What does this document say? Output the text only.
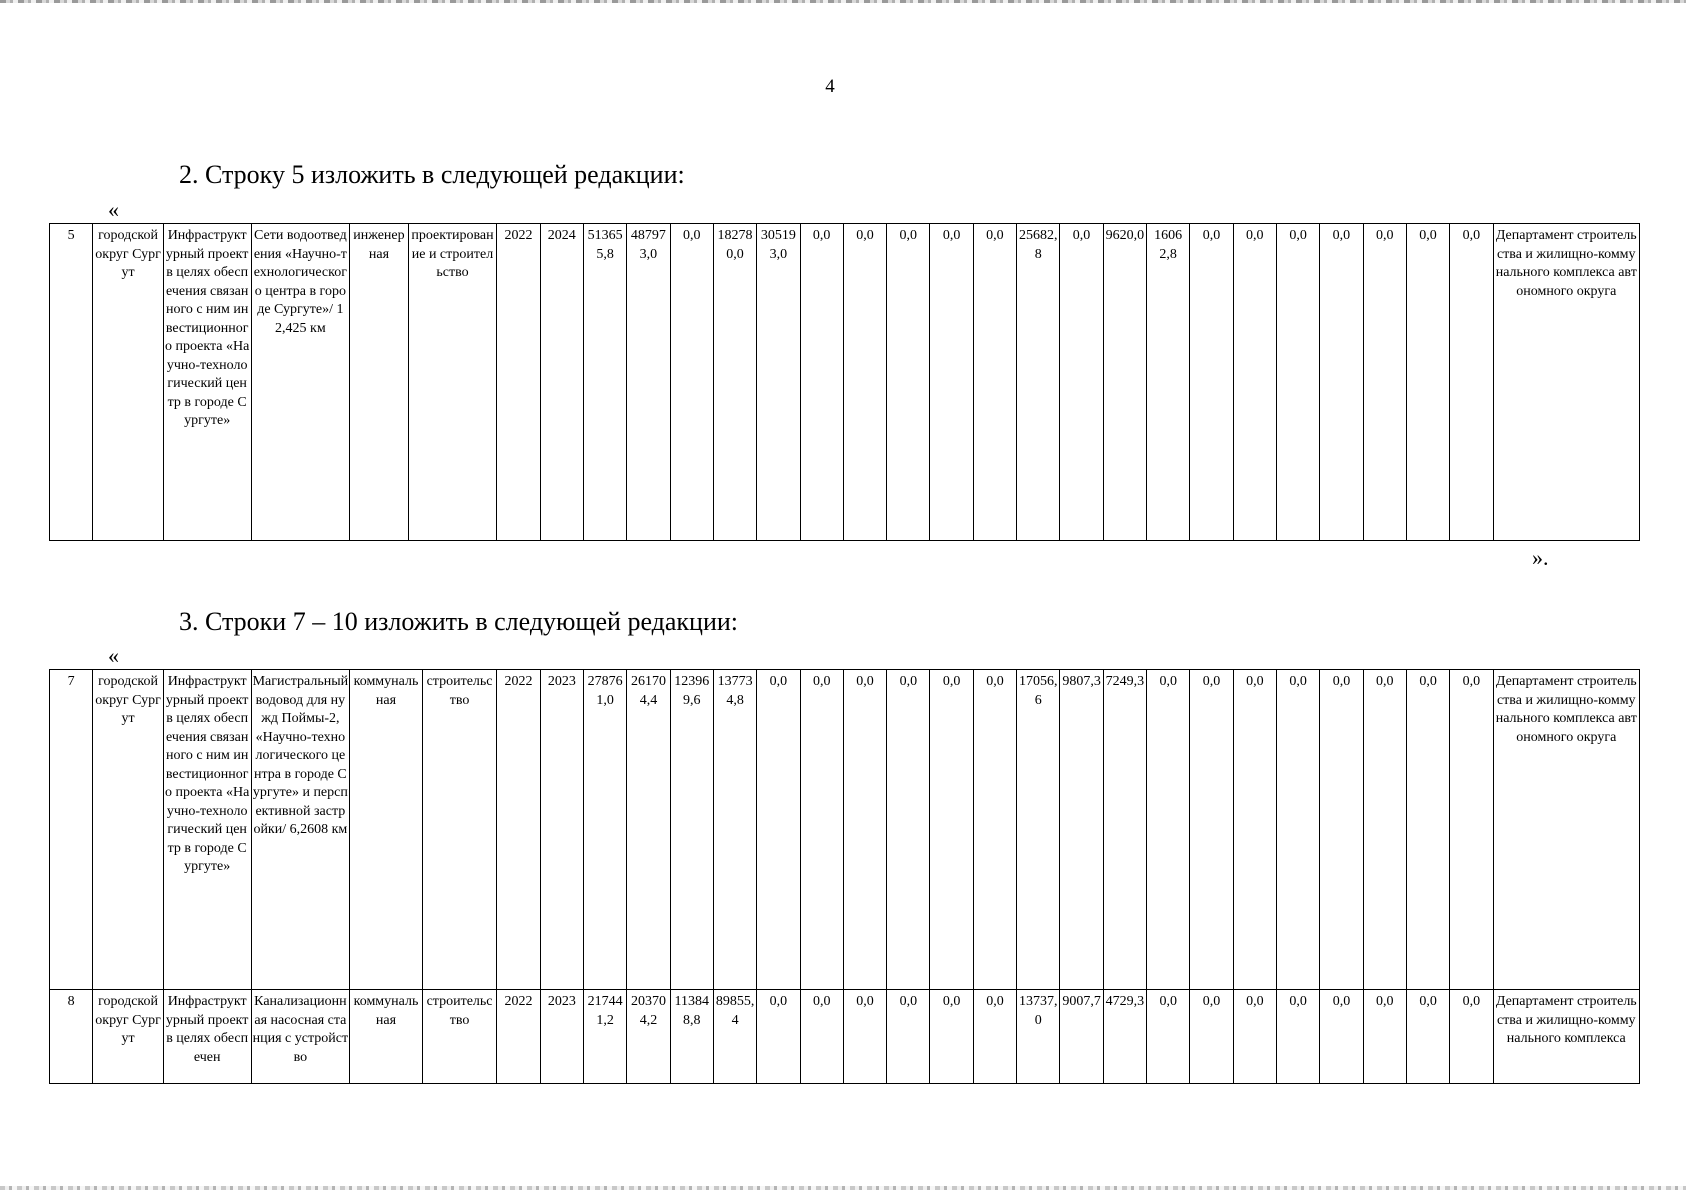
4
2. Строку 5 изложить в следующей редакции:
«
5	городской округ Сургут	Инфраструктурный проект в целях обеспечения связанного с ним инвестиционного проекта «Научно-технологический центр в городе Сургуте»	Сети водоотведения «Научно-технологического центра в городе Сургуте»/ 12,425 км	инженерная	проектирование и строительство	2022	2024	513655,8	487973,0	0,0	182780,0	305193,0	0,0	0,0	0,0	0,0	0,0	25682,8	0,0	9620,0	1606 2,8	0,0	0,0	0,0	0,0	0,0	0,0	0,0	Департамент строительства и жилищно-коммунального комплекса автономного округа
».
3. Строки 7 – 10 изложить в следующей редакции:
«
7	городской округ Сургут	Инфраструктурный проект в целях обеспечения связанного с ним инвестиционного проекта «Научно-технологический центр в городе Сургуте»	Магистральный водовод для нужд Поймы-2, «Научно-технологического центра в городе Сургуте» и перспективной застройки/ 6,2608 км	коммунальная	строительство	2022	2023	278761,0	261704,4	123969,6	137734,8	0,0	0,0	0,0	0,0	0,0	0,0	17056,6	9807,3	7249,3	0,0	0,0	0,0	0,0	0,0	0,0	0,0	0,0	Департамент строительства и жилищно-коммунального комплекса автономного округа
8	городской округ Сургут	Инфраструктурный проект в целях обеспечен	Канализационная насосная станция с устройство	коммунальная	строительство	2022	2023	217441,2	203704,2	113848,8	89855,4	0,0	0,0	0,0	0,0	0,0	0,0	13737,0	9007,7	4729,3	0,0	0,0	0,0	0,0	0,0	0,0	0,0	0,0	Департамент строительства и жилищно-коммунального комплекса
